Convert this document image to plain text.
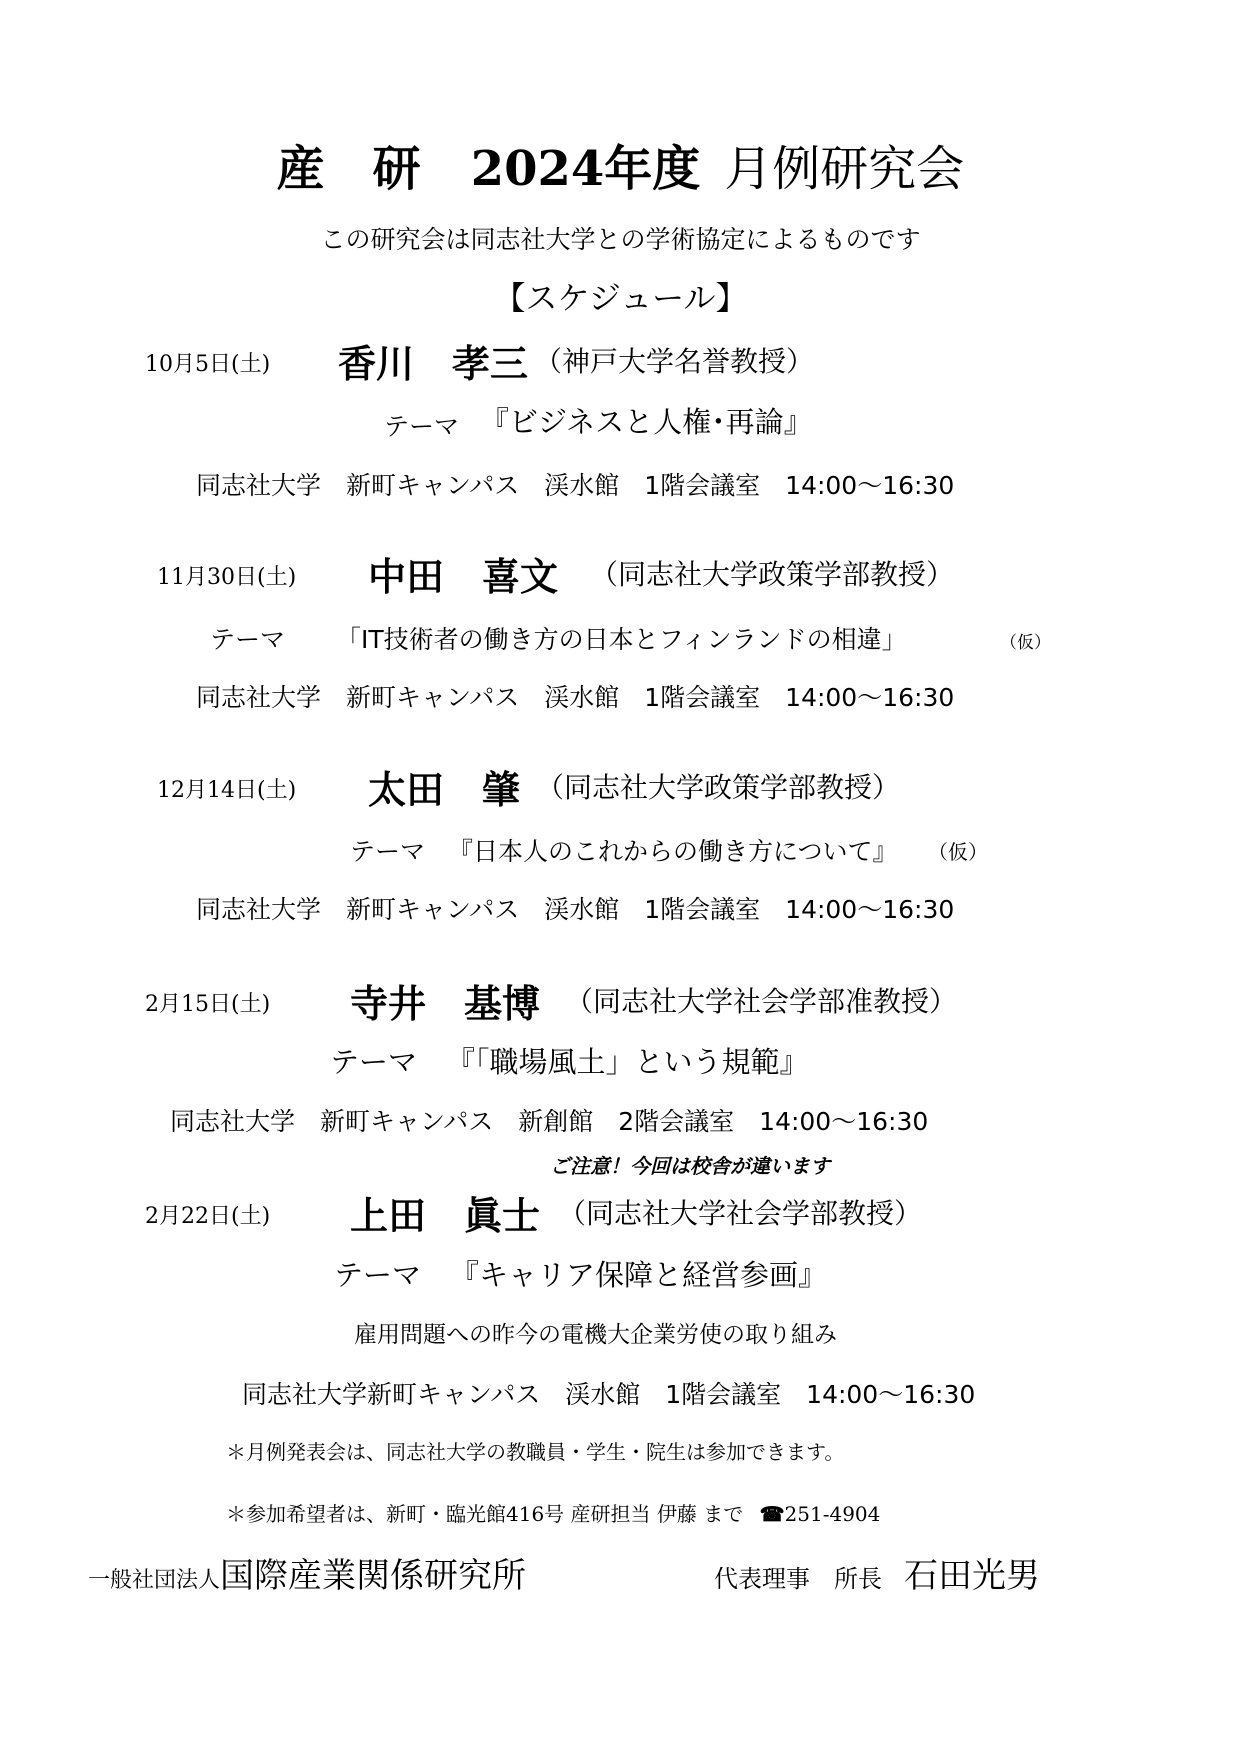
産　研 2024年度 月例研究会
この研究会は同志社大学との学術協定によるものです
【スケジュール】
10月5日(土) 香川　孝三 （神戸大学名誉教授）
テーマ 『ビジネスと人権･再論』
同志社大学　新町キャンパス　渓水館　1階会議室　14:00～16:30
11月30日(土) 中田　喜文 （同志社大学政策学部教授）
テーマ 「IT技術者の働き方の日本とフィンランドの相違」	（仮）
同志社大学　新町キャンパス　渓水館　1階会議室　14:00～16:30
12月14日(土) 太田　肇 （同志社大学政策学部教授）
テーマ 『日本人のこれからの働き方について』 （仮）
同志社大学　新町キャンパス　渓水館　1階会議室　14:00～16:30
2月15日(土) 寺井　基博 （同志社大学社会学部准教授）
テーマ 『「職場風土」という規範』
同志社大学　新町キャンパス　新創館　2階会議室　14:00～16:30
ご注意！今回は校舎が違います
2月22日(土) 上田　眞士 （同志社大学社会学部教授）
テーマ 『キャリア保障と経営参画』
雇用問題への昨今の電機大企業労使の取り組み
同志社大学新町キャンパス　渓水館　1階会議室　14:00～16:30
＊月例発表会は、同志社大学の教職員・学生・院生は参加できます。
＊参加希望者は、新町・臨光館416号 産研担当 伊藤 まで ☎251-4904
一般社団法人国際産業関係研究所	代表理事　所長 石田光男
